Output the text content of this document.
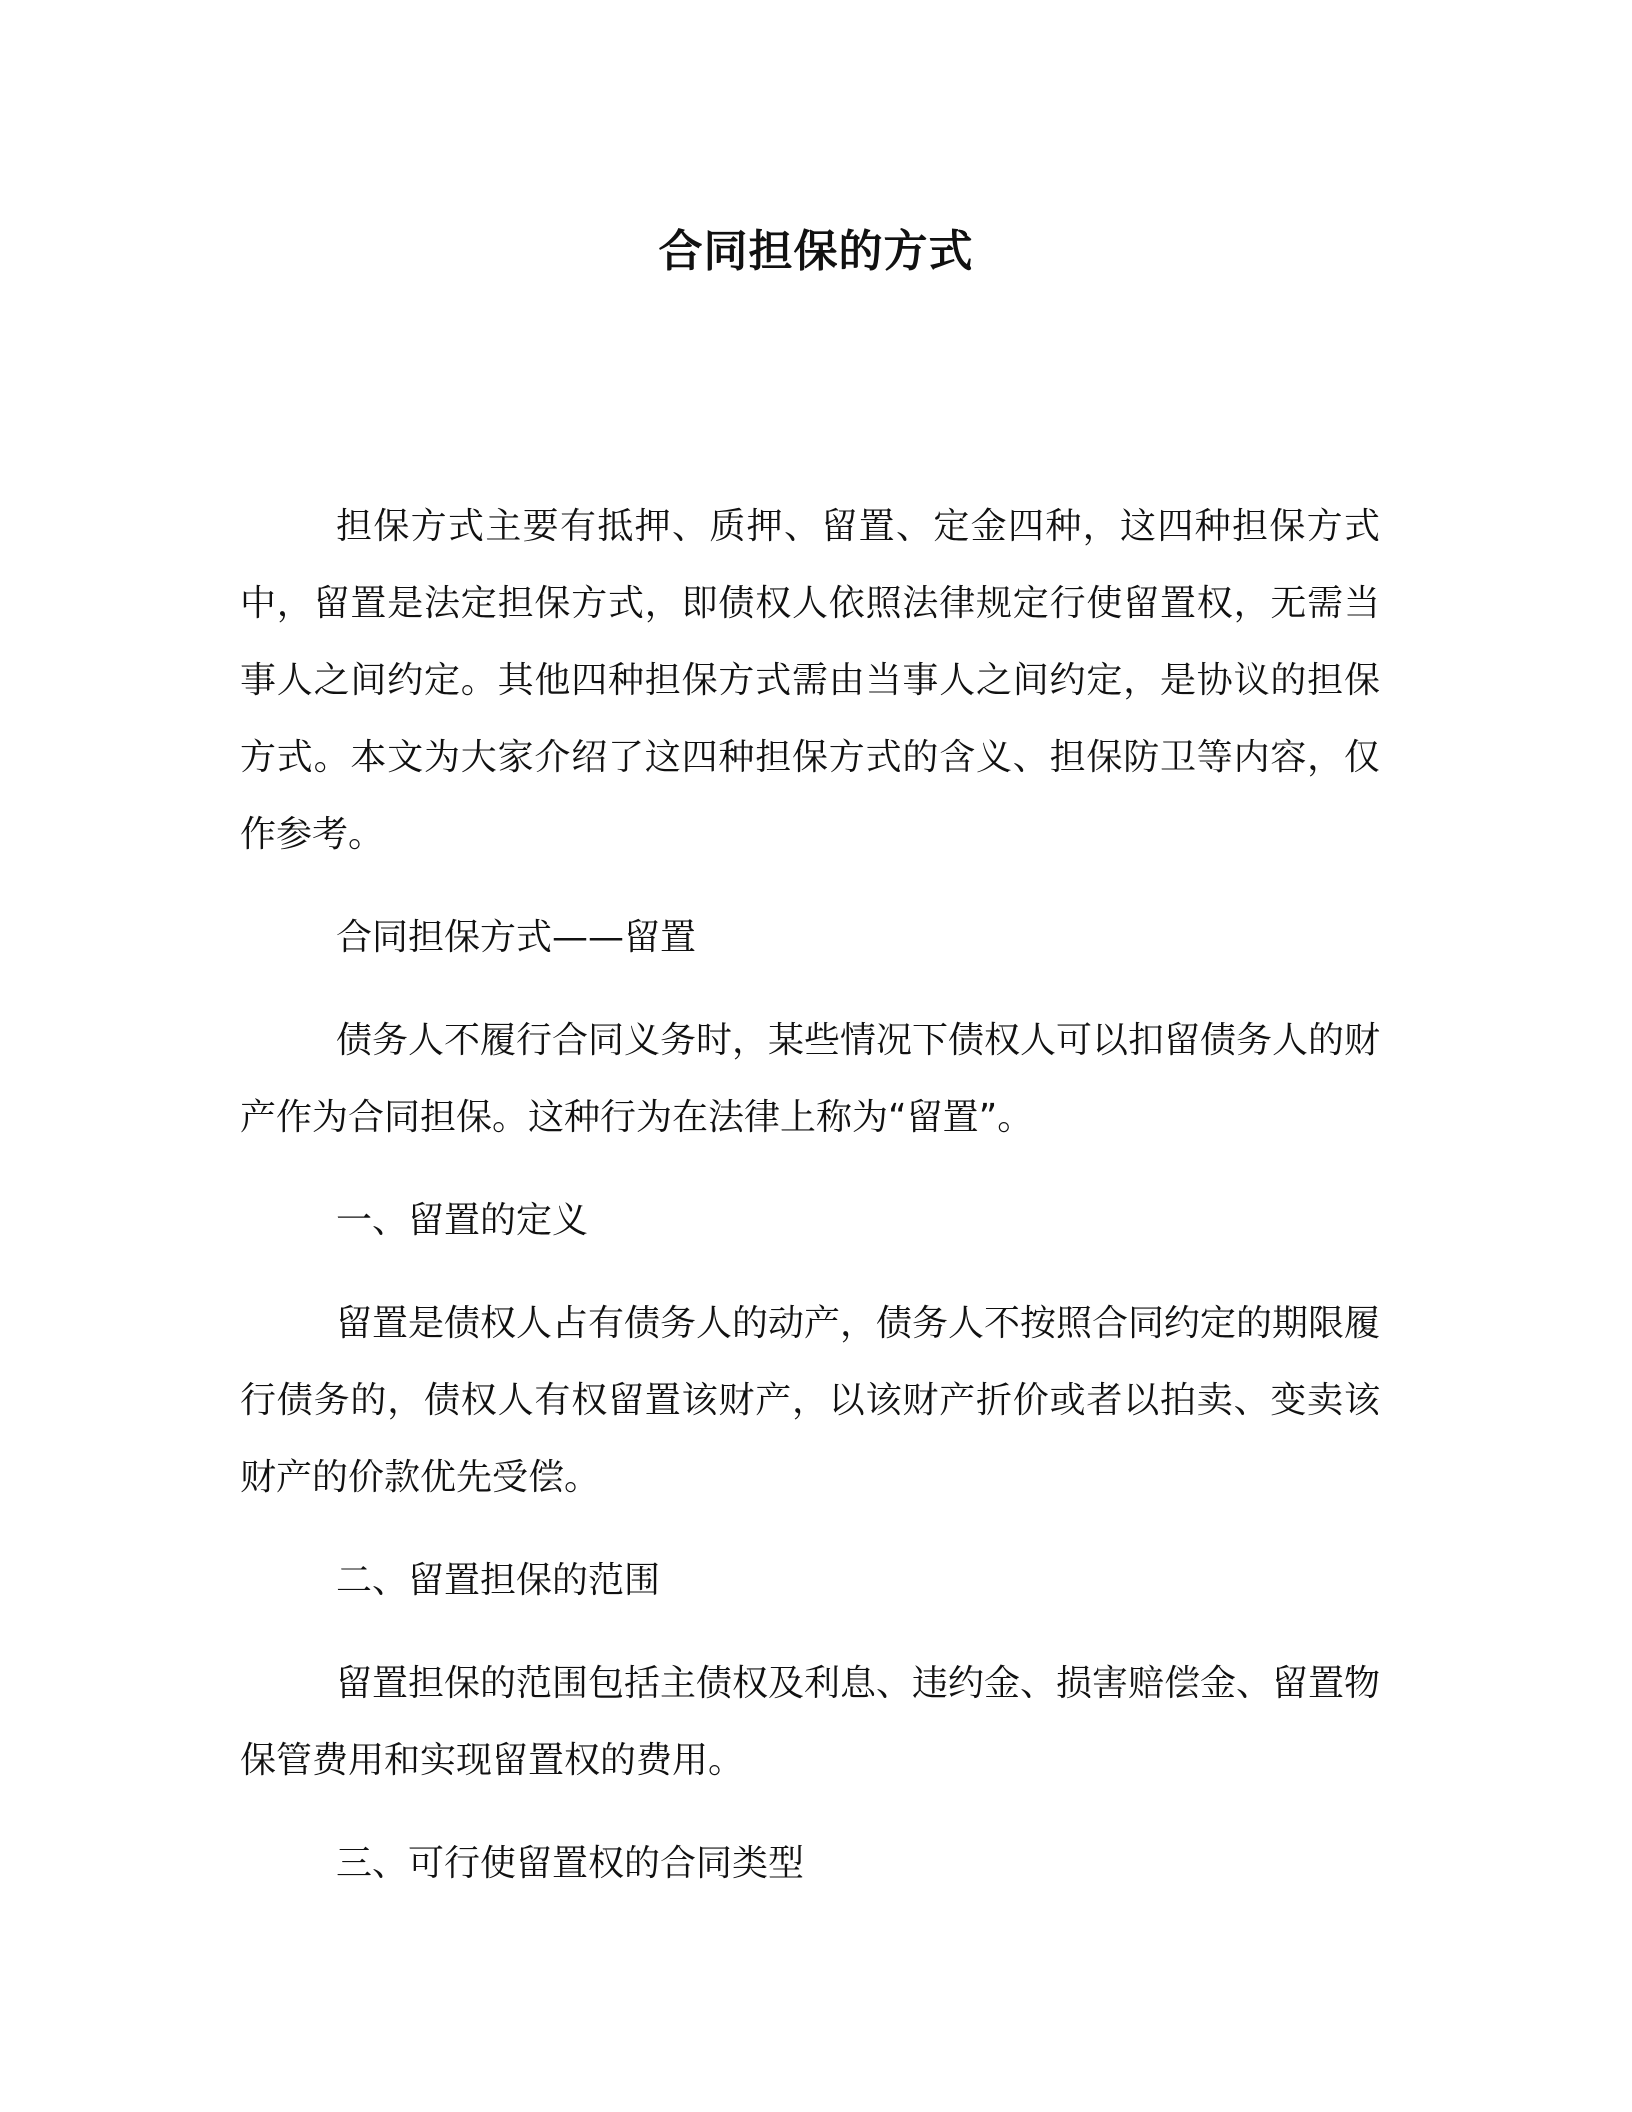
合同担保的方式

担保方式主要有抵押、质押、留置、定金四种，这四种担保方式中，留置是法定担保方式，即债权人依照法律规定行使留置权，无需当事人之间约定。其他四种担保方式需由当事人之间约定，是协议的担保方式。本文为大家介绍了这四种担保方式的含义、担保防卫等内容，仅作参考。

合同担保方式——留置

债务人不履行合同义务时，某些情况下债权人可以扣留债务人的财产作为合同担保。这种行为在法律上称为“留置”。

一、留置的定义

留置是债权人占有债务人的动产，债务人不按照合同约定的期限履行债务的，债权人有权留置该财产，以该财产折价或者以拍卖、变卖该财产的价款优先受偿。

二、留置担保的范围

留置担保的范围包括主债权及利息、违约金、损害赔偿金、留置物保管费用和实现留置权的费用。

三、可行使留置权的合同类型
